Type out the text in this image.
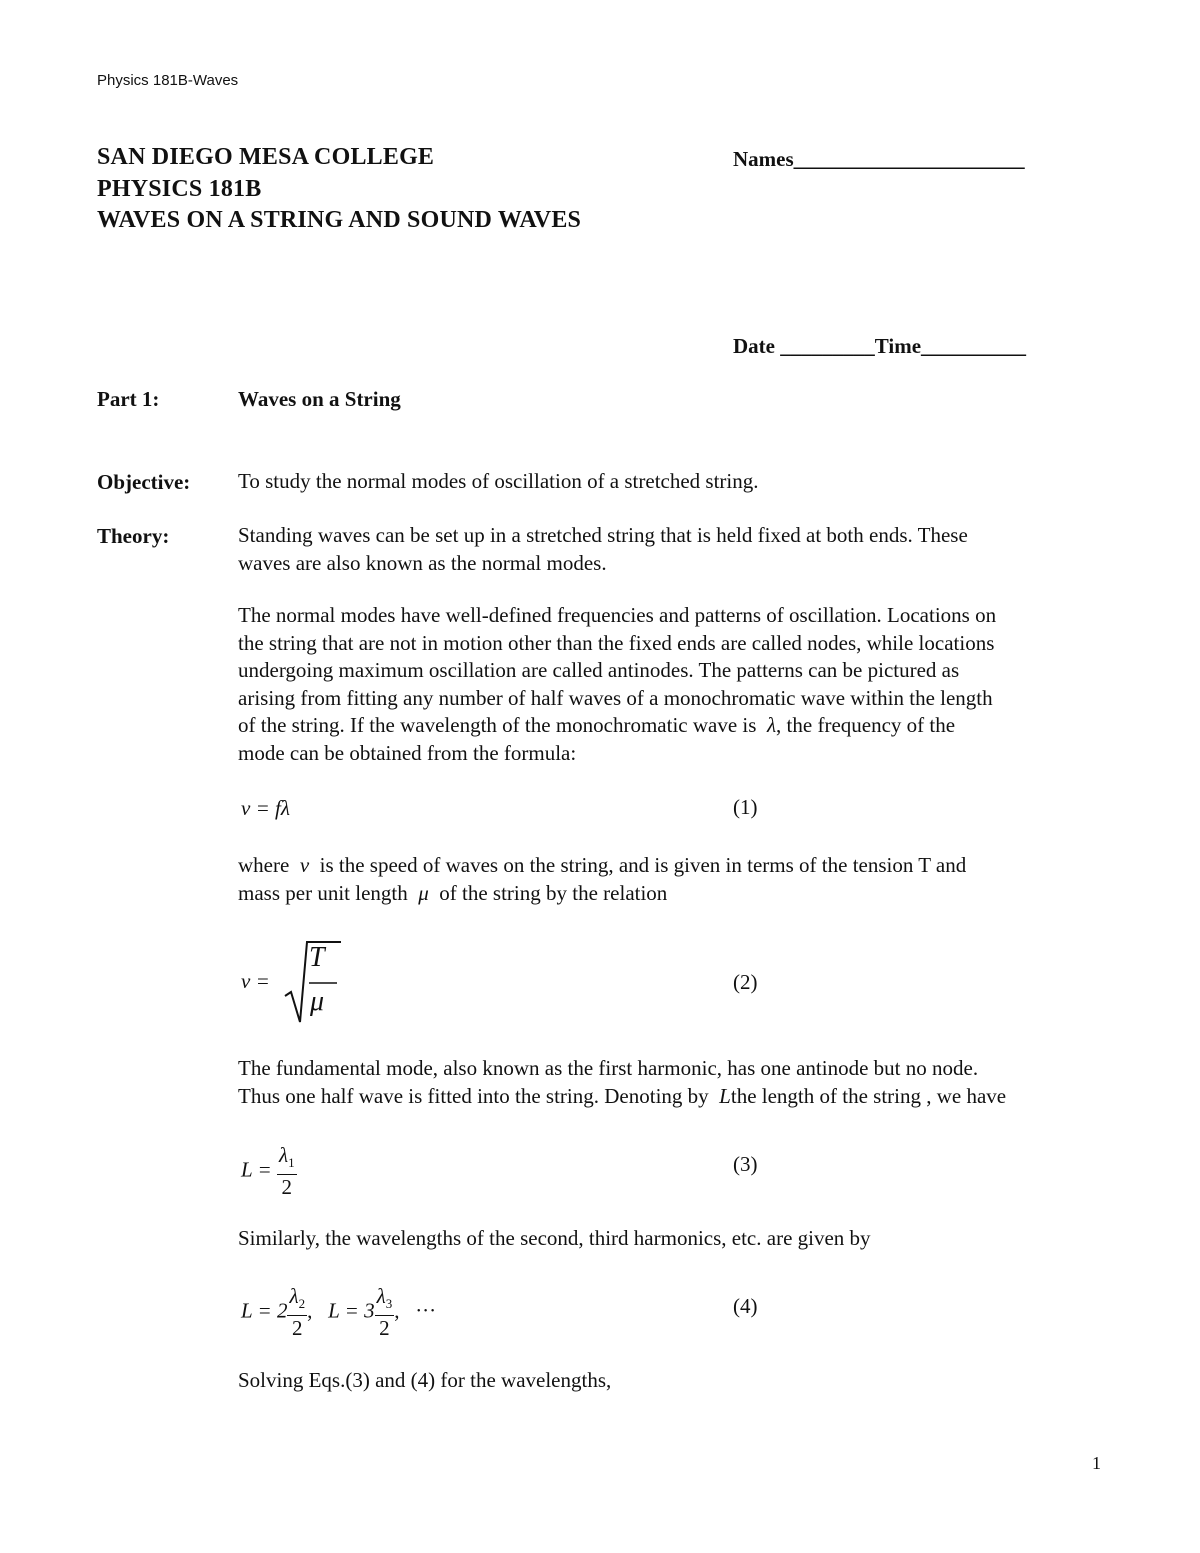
Physics 181B-Waves
SAN DIEGO MESA COLLEGE
PHYSICS 181B
WAVES ON A STRING AND SOUND WAVES
Names______________________
Date _________Time__________
Part 1:	Waves on a String
Objective: To study the normal modes of oscillation of a stretched string.
Theory:	Standing waves can be set up in a stretched string that is held fixed at both ends. These
waves are also known as the normal modes.
The normal modes have well-defined frequencies and patterns of oscillation. Locations on
the string that are not in motion other than the fixed ends are called nodes, while locations
undergoing maximum oscillation are called antinodes. The patterns can be pictured as
arising from fitting any number of half waves of a monochromatic wave within the length
of the string. If the wavelength of the monochromatic wave is λ, the frequency of the
mode can be obtained from the formula:
v = fλ	(1)
where v is the speed of waves on the string, and is given in terms of the tension T and
mass per unit length μ of the string by the relation
v =
T
μ
(2)
The fundamental mode, also known as the first harmonic, has one antinode but no node.
Thus one half wave is fitted into the string. Denoting by Lthe length of the string , we have
$L = \frac{\lambda_1}{2}$	(3)
Similarly, the wavelengths of the second, third harmonics, etc. are given by
$L = 2 \frac{\lambda_2}{2}$ , $L = 3 \frac{\lambda_3}{2}$ , ···	(4)
Solving Eqs.(3) and (4) for the wavelengths,
1
